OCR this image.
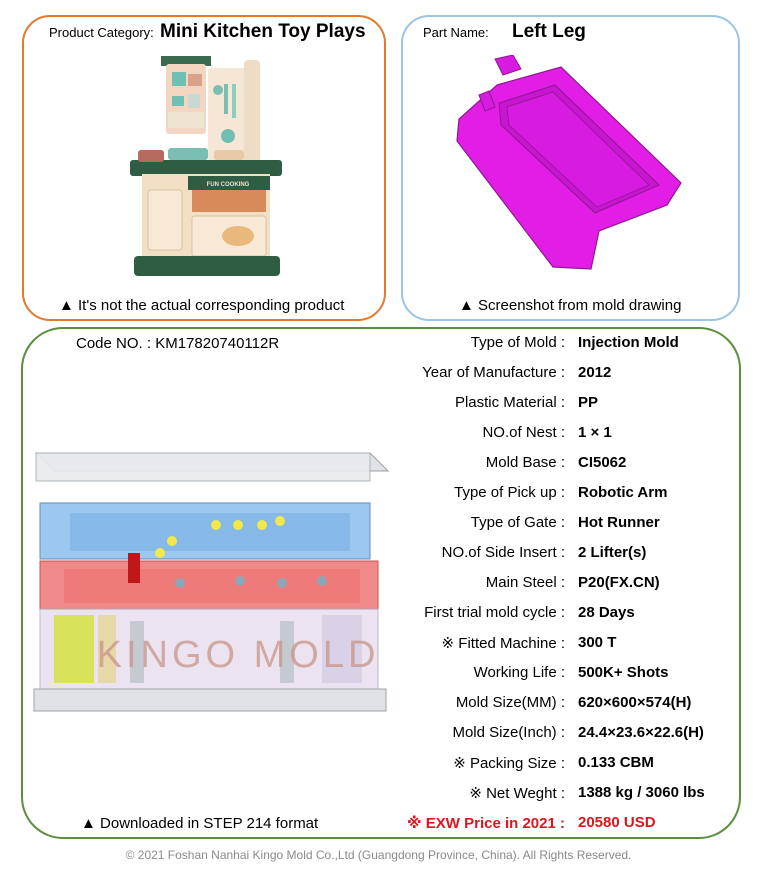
Product Category: Mini Kitchen Toy Plays
FUN COOKING
▲ It's not the actual corresponding product
Part Name: Left Leg
▲ Screenshot from mold drawing
Code NO. : KM17820740112R
KINGO MOLD
▲ Downloaded in STEP 214 format
Type of Mold : Injection Mold
Year of Manufacture : 2012
Plastic Material : PP
NO.of Nest : 1 × 1
Mold Base : CI5062
Type of Pick up : Robotic Arm
Type of Gate : Hot Runner
NO.of Side Insert : 2 Lifter(s)
Main Steel : P20(FX.CN)
First trial mold cycle : 28 Days
※ Fitted Machine : 300 T
Working Life : 500K+ Shots
Mold Size(MM) : 620×600×574(H)
Mold Size(Inch) : 24.4×23.6×22.6(H)
※ Packing Size : 0.133 CBM
※ Net Weght : 1388 kg / 3060 lbs
※ EXW Price in 2021 : 20580 USD
© 2021 Foshan Nanhai Kingo Mold Co.,Ltd (Guangdong Province, China). All Rights Reserved.
